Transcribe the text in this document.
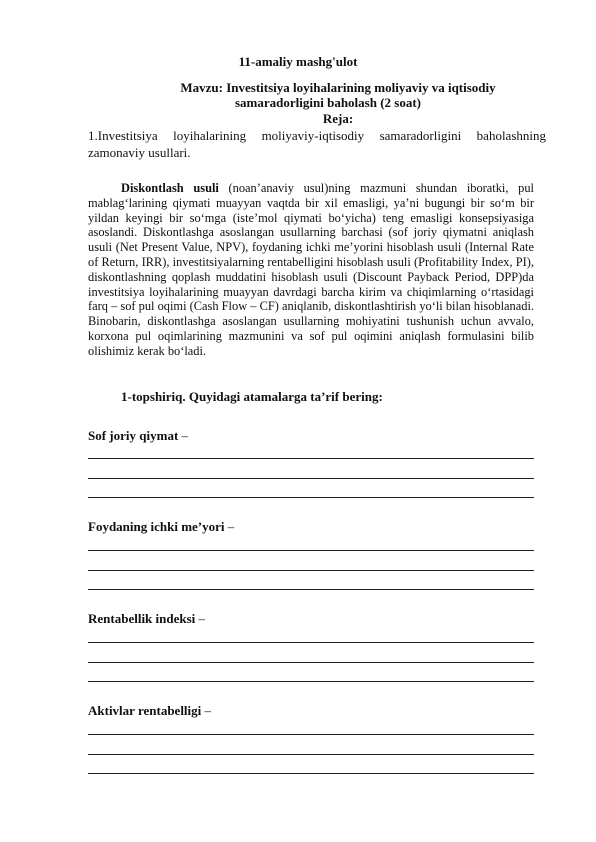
11-amaliy mashg'ulot
Mavzu: Investitsiya loyihalarining moliyaviy va iqtisodiy
samaradorligini baholash (2 soat)
Reja:
1.Investitsiya loyihalarining moliyaviy-iqtisodiy samaradorligini baholashning zamonaviy usullari.
Diskontlash usuli (noan’anaviy usul)ning mazmuni shundan iboratki, pul mablag‘larining qiymati muayyan vaqtda bir xil emasligi, ya’ni bugungi bir so‘m bir yildan keyingi bir so‘mga (iste’mol qiymati bo‘yicha) teng emasligi konsepsiyasiga asoslandi. Diskontlashga asoslangan usullarning barchasi (sof joriy qiymatni aniqlash usuli (Net Present Value, NPV), foydaning ichki me’yorini hisoblash usuli (Internal Rate of Return, IRR), investitsiyalarning rentabelligini hisoblash usuli (Profitability Index, PI), diskontlashning qoplash muddatini hisoblash usuli (Discount Payback Period, DPP)da investitsiya loyihalarining muayyan davrdagi barcha kirim va chiqimlarning o‘rtasidagi farq – sof pul oqimi (Cash Flow – CF) aniqlanib, diskontlashtirish yo‘li bilan hisoblanadi. Binobarin, diskontlashga asoslangan usullarning mohiyatini tushunish uchun avvalo, korxona pul oqimlarining mazmunini va sof pul oqimini aniqlash formulasini bilib olishimiz kerak bo‘ladi.
1-topshiriq. Quyidagi atamalarga ta’rif bering:
Sof joriy qiymat –
Foydaning ichki me’yori –
Rentabellik indeksi –
Aktivlar rentabelligi –
